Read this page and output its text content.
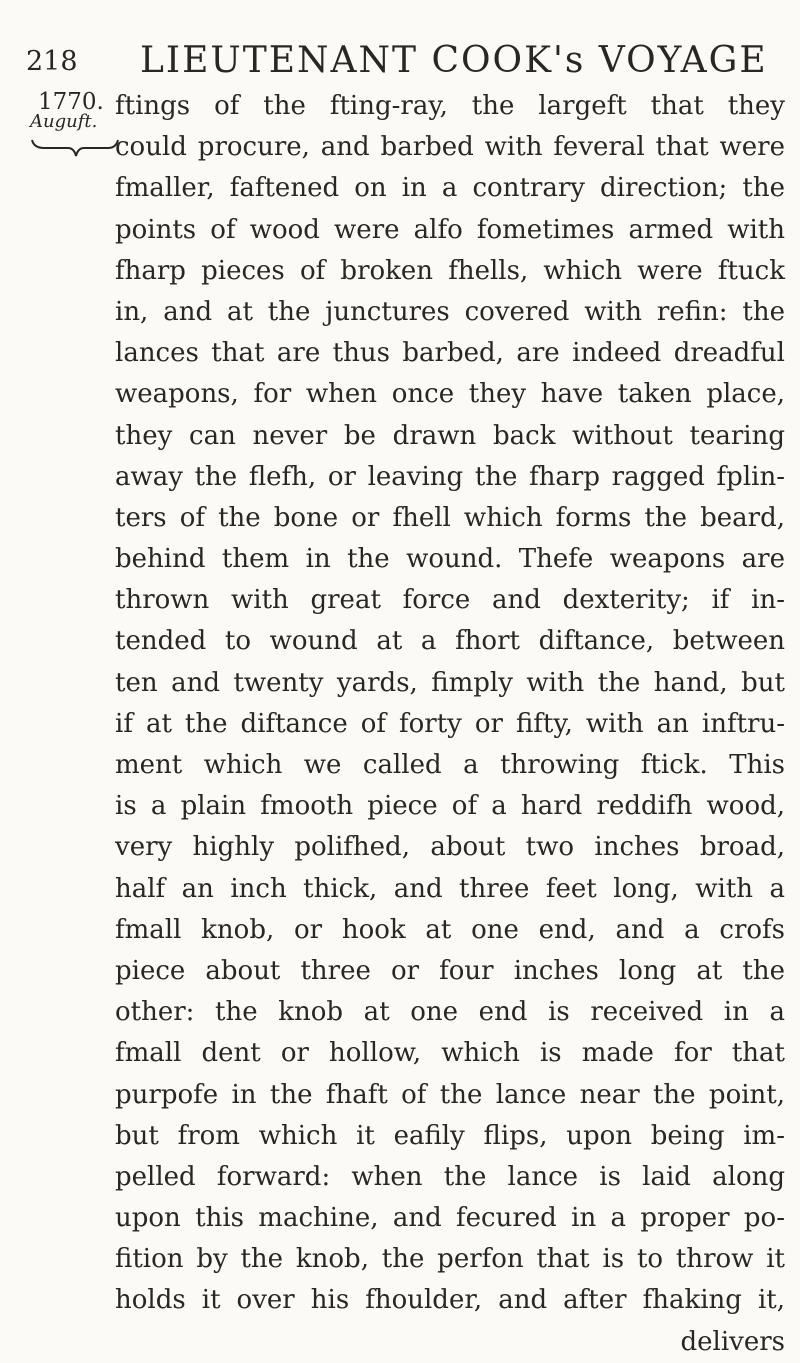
218 LIEUTENANT COOK's VOYAGE
1770.
Auguft.
ftings of the fting-ray, the largeft that they
could procure, and barbed with feveral that were
fmaller, faftened on in a contrary direction; the
points of wood were alfo fometimes armed with
fharp pieces of broken fhells, which were ftuck
in, and at the junctures covered with refin: the
lances that are thus barbed, are indeed dreadful
weapons, for when once they have taken place,
they can never be drawn back without tearing
away the flefh, or leaving the fharp ragged fplin-
ters of the bone or fhell which forms the beard,
behind them in the wound. Thefe weapons are
thrown with great force and dexterity; if in-
tended to wound at a fhort diftance, between
ten and twenty yards, fimply with the hand, but
if at the diftance of forty or fifty, with an inftru-
ment which we called a throwing ftick. This
is a plain fmooth piece of a hard reddifh wood,
very highly polifhed, about two inches broad,
half an inch thick, and three feet long, with a
fmall knob, or hook at one end, and a crofs
piece about three or four inches long at the
other: the knob at one end is received in a
fmall dent or hollow, which is made for that
purpofe in the fhaft of the lance near the point,
but from which it eafily flips, upon being im-
pelled forward: when the lance is laid along
upon this machine, and fecured in a proper po-
fition by the knob, the perfon that is to throw it
holds it over his fhoulder, and after fhaking it,
delivers
